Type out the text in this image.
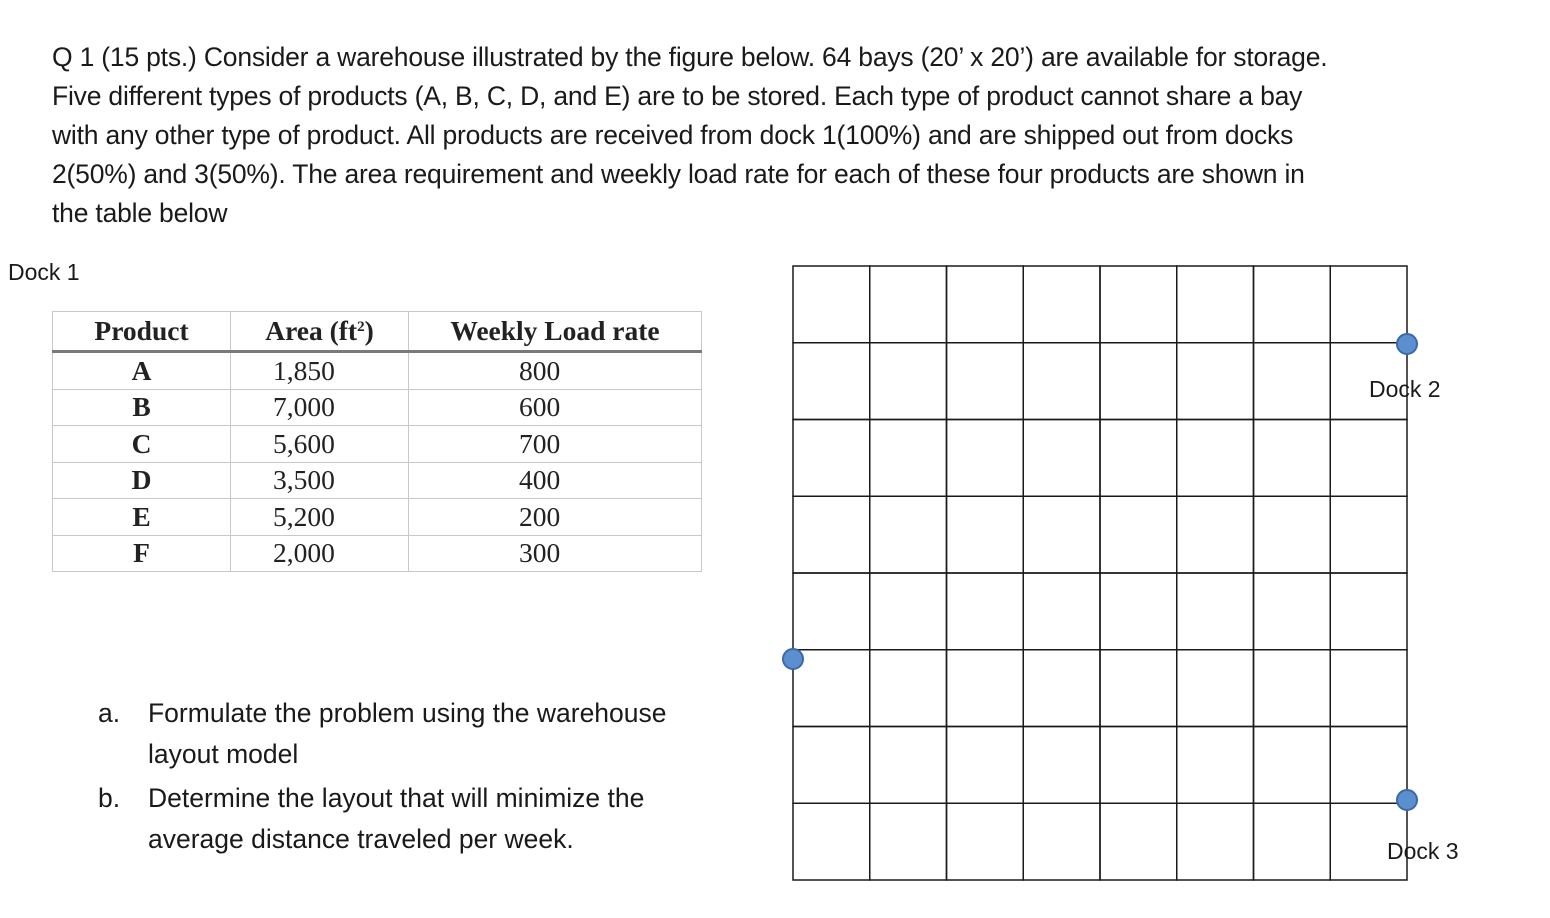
Q 1 (15 pts.) Consider a warehouse illustrated by the figure below. 64 bays (20’ x 20’) are available for storage.
Five different types of products (A, B, C, D, and E) are to be stored. Each type of product cannot share a bay
with any other type of product. All products are received from dock 1(100%) and are shipped out from docks
2(50%) and 3(50%). The area requirement and weekly load rate for each of these four products are shown in
the table below
Dock 1
Product	Area $(ft^2)$	Weekly Load rate
A	1,850	800
B	7,000	600
C	5,600	700
D	3,500	400
E	5,200	200
F	2,000	300
a. Formulate the problem using the warehouse
layout model
b. Determine the layout that will minimize the
average distance traveled per week.
Dock 2
Dock 3
